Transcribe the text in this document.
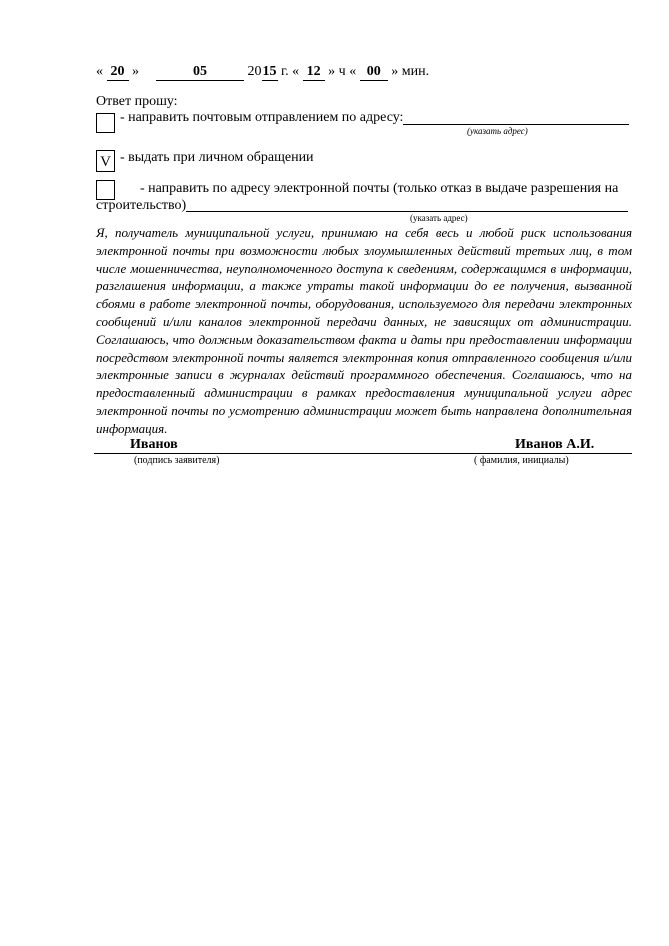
« 20 »	05	2015 г. « 12 » ч « 00 » мин.
Ответ прошу:
- направить почтовым отправлением по адресу:
(указать адрес)
V - выдать при личном обращении
- направить по адресу электронной почты (только отказ в выдаче разрешения на
строительство)
(указать адрес)
Я, получатель муниципальной услуги, принимаю на себя весь и любой риск использования электронной почты при возможности любых злоумышленных действий третьих лиц, в том числе мошенничества, неуполномоченного доступа к сведениям, содержащимся в информации, разглашения информации, а также утраты такой информации до ее получения, вызванной сбоями в работе электронной почты, оборудования, используемого для передачи электронных сообщений и/или каналов электронной передачи данных, не зависящих от администрации. Соглашаюсь, что должным доказательством факта и даты при предоставлении информации посредством электронной почты является электронная копия отправленного сообщения и/или электронные записи в журналах действий программного обеспечения. Соглашаюсь, что на предоставленный администрации в рамках предоставления муниципальной услуги адрес электронной почты по усмотрению администрации может быть направлена дополнительная информация.
Иванов	Иванов А.И.
(подпись заявителя)	( фамилия, инициалы)
